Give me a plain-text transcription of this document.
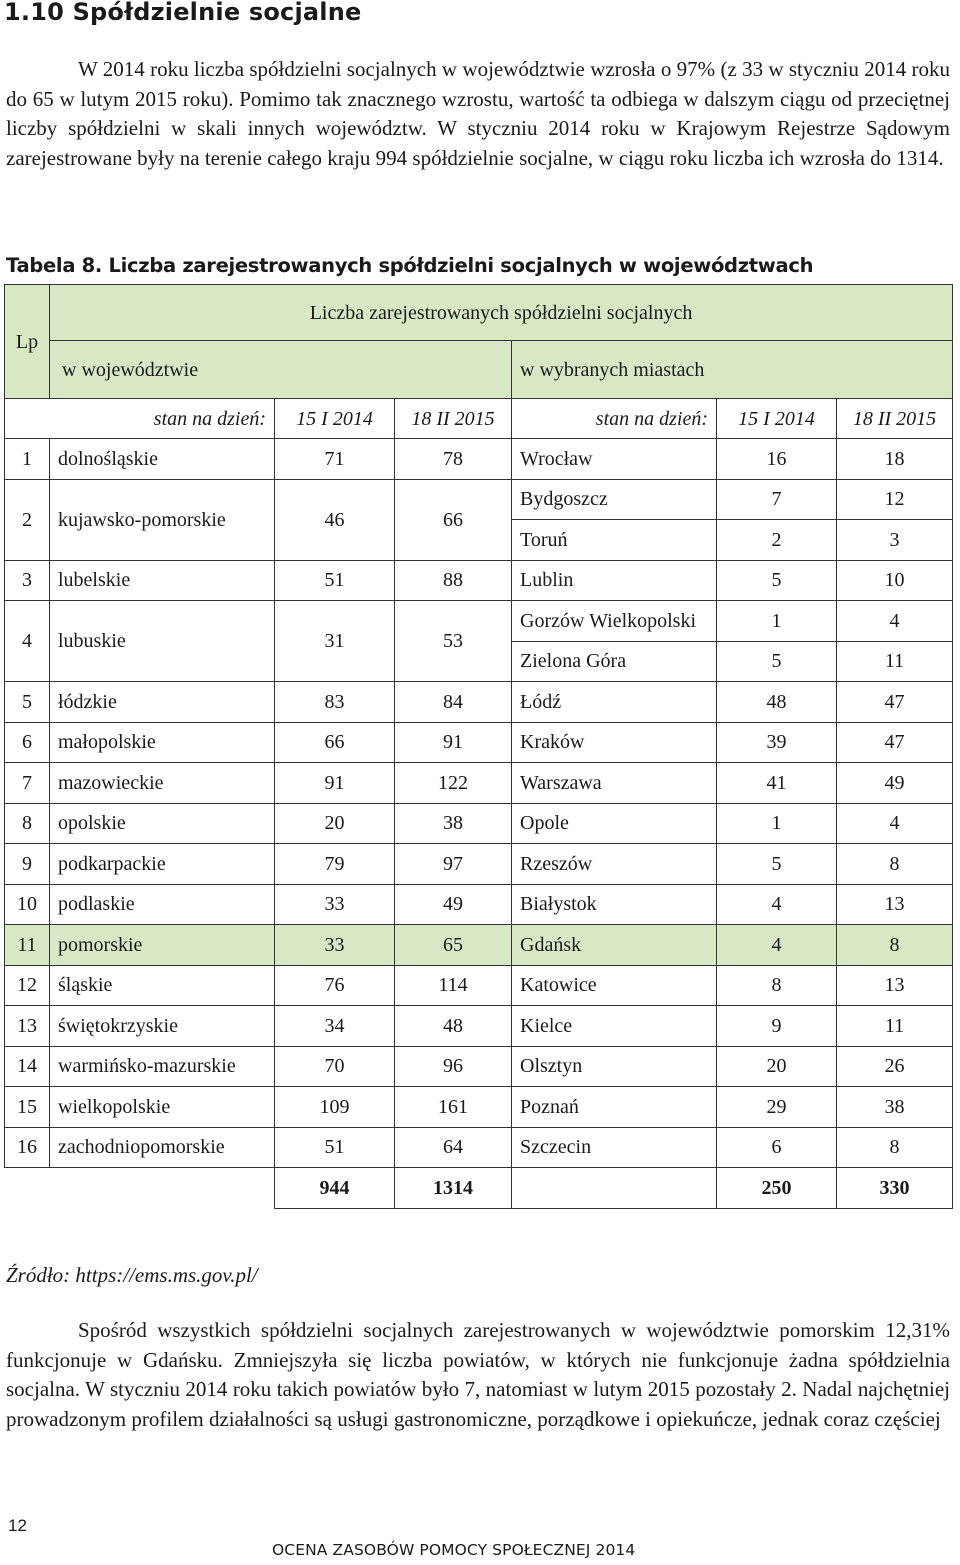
1.10 Spółdzielnie socjalne
W 2014 roku liczba spółdzielni socjalnych w województwie wzrosła o 97% (z 33 w styczniu 2014 roku do 65 w lutym 2015 roku). Pomimo tak znacznego wzrostu, wartość ta odbiega w dalszym ciągu od przeciętnej liczby spółdzielni w skali innych województw. W styczniu 2014 roku w Krajowym Rejestrze Sądowym zarejestrowane były na terenie całego kraju 994 spółdzielnie socjalne, w ciągu roku liczba ich wzrosła do 1314.
Tabela 8. Liczba zarejestrowanych spółdzielni socjalnych w województwach
Lp	Liczba zarejestrowanych spółdzielni socjalnych					
	w województwie			w wybranych miastach		
stan na dzień:		15 I 2014	18 II 2015	stan na dzień:	15 I 2014	18 II 2015
1	dolnośląskie	71	78	Wrocław	16	18
2	kujawsko-pomorskie	46	66	Bydgoszcz	7	12
				Toruń	2	3
3	lubelskie	51	88	Lublin	5	10
4	lubuskie	31	53	Gorzów Wielkopolski	1	4
				Zielona Góra	5	11
5	łódzkie	83	84	Łódź	48	47
6	małopolskie	66	91	Kraków	39	47
7	mazowieckie	91	122	Warszawa	41	49
8	opolskie	20	38	Opole	1	4
9	podkarpackie	79	97	Rzeszów	5	8
10	podlaskie	33	49	Białystok	4	13
11	pomorskie	33	65	Gdańsk	4	8
12	śląskie	76	114	Katowice	8	13
13	świętokrzyskie	34	48	Kielce	9	11
14	warmińsko-mazurskie	70	96	Olsztyn	20	26
15	wielkopolskie	109	161	Poznań	29	38
16	zachodniopomorskie	51	64	Szczecin	6	8
		944	1314		250	330
Źródło: https://ems.ms.gov.pl/
Spośród wszystkich spółdzielni socjalnych zarejestrowanych w województwie pomorskim 12,31% funkcjonuje w Gdańsku. Zmniejszyła się liczba powiatów, w których nie funkcjonuje żadna spółdzielnia socjalna. W styczniu 2014 roku takich powiatów było 7, natomiast w lutym 2015 pozostały 2. Nadal najchętniej prowadzonym profilem działalności są usługi gastronomiczne, porządkowe i opiekuńcze, jednak coraz częściej
12
OCENA ZASOBÓW POMOCY SPOŁECZNEJ 2014
